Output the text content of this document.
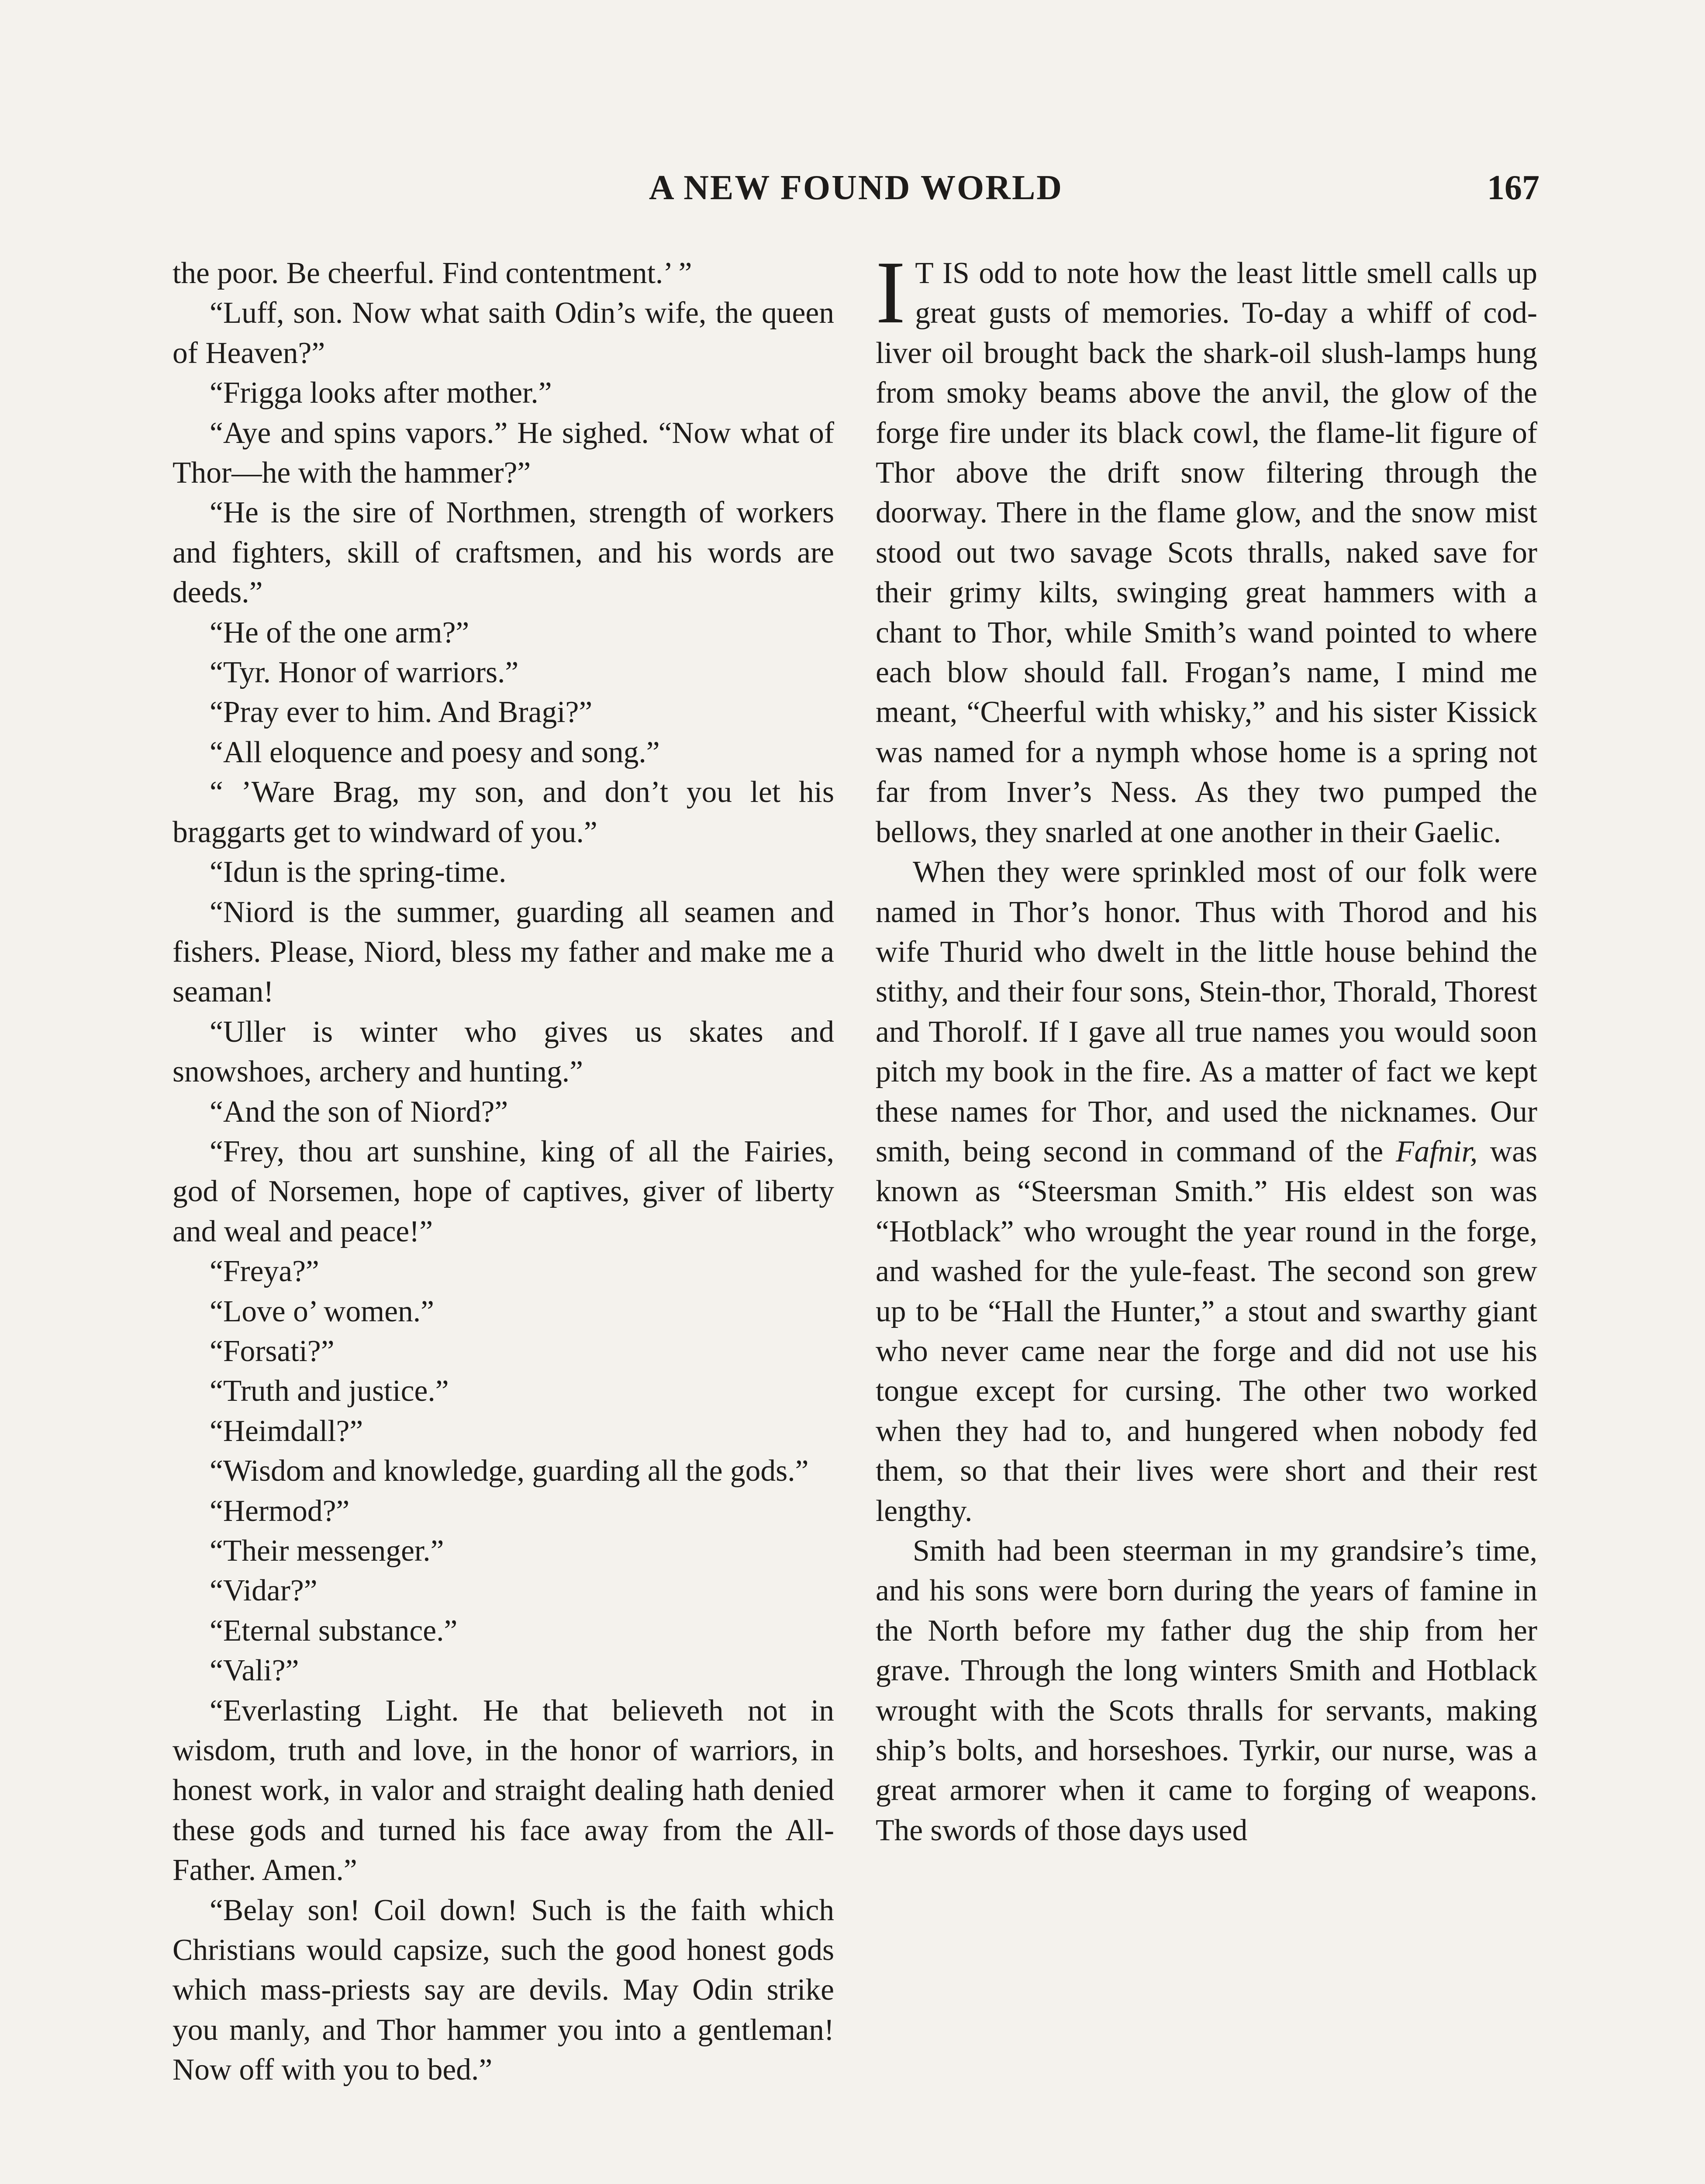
A NEW FOUND WORLD	167

the poor. Be cheerful. Find contentment.’ ”

“Luff, son. Now what saith Odin’s wife, the queen of Heaven?”

“Frigga looks after mother.”

“Aye and spins vapors.” He sighed. “Now what of Thor—he with the hammer?”

“He is the sire of Northmen, strength of workers and fighters, skill of craftsmen, and his words are deeds.”

“He of the one arm?”

“Tyr. Honor of warriors.”

“Pray ever to him. And Bragi?”

“All eloquence and poesy and song.”

“ ’Ware Brag, my son, and don’t you let his braggarts get to windward of you.”

“Idun is the spring-time.

“Niord is the summer, guarding all seamen and fishers. Please, Niord, bless my father and make me a seaman!

“Uller is winter who gives us skates and snowshoes, archery and hunting.”

“And the son of Niord?”

“Frey, thou art sunshine, king of all the Fairies, god of Norsemen, hope of captives, giver of liberty and weal and peace!”

“Freya?”

“Love o’ women.”

“Forsati?”

“Truth and justice.”

“Heimdall?”

“Wisdom and knowledge, guarding all the gods.”

“Hermod?”

“Their messenger.”

“Vidar?”

“Eternal substance.”

“Vali?”

“Everlasting Light. He that believeth not in wisdom, truth and love, in the honor of warriors, in honest work, in valor and straight dealing hath denied these gods and turned his face away from the All-Father. Amen.”

“Belay son! Coil down! Such is the faith which Christians would capsize, such the good honest gods which mass-priests say are devils. May Odin strike you manly, and Thor hammer you into a gentleman! Now off with you to bed.”

I T IS odd to note how the least little smell calls up great gusts of memories. To-day a whiff of cod-liver oil brought back the shark-oil slush-lamps hung from smoky beams above the anvil, the glow of the forge fire under its black cowl, the flame-lit figure of Thor above the drift snow filtering through the doorway. There in the flame glow, and the snow mist stood out two savage Scots thralls, naked save for their grimy kilts, swinging great hammers with a chant to Thor, while Smith’s wand pointed to where each blow should fall. Frogan’s name, I mind me meant, “Cheerful with whisky,” and his sister Kissick was named for a nymph whose home is a spring not far from Inver’s Ness. As they two pumped the bellows, they snarled at one another in their Gaelic.

When they were sprinkled most of our folk were named in Thor’s honor. Thus with Thorod and his wife Thurid who dwelt in the little house behind the stithy, and their four sons, Stein-thor, Thorald, Thorest and Thorolf. If I gave all true names you would soon pitch my book in the fire. As a matter of fact we kept these names for Thor, and used the nicknames. Our smith, being second in command of the Fafnir, was known as “Steersman Smith.” His eldest son was “Hotblack” who wrought the year round in the forge, and washed for the yule-feast. The second son grew up to be “Hall the Hunter,” a stout and swarthy giant who never came near the forge and did not use his tongue except for cursing. The other two worked when they had to, and hungered when nobody fed them, so that their lives were short and their rest lengthy.

Smith had been steerman in my grandsire’s time, and his sons were born during the years of famine in the North before my father dug the ship from her grave. Through the long winters Smith and Hotblack wrought with the Scots thralls for servants, making ship’s bolts, and horseshoes. Tyrkir, our nurse, was a great armorer when it came to forging of weapons. The swords of those days used
